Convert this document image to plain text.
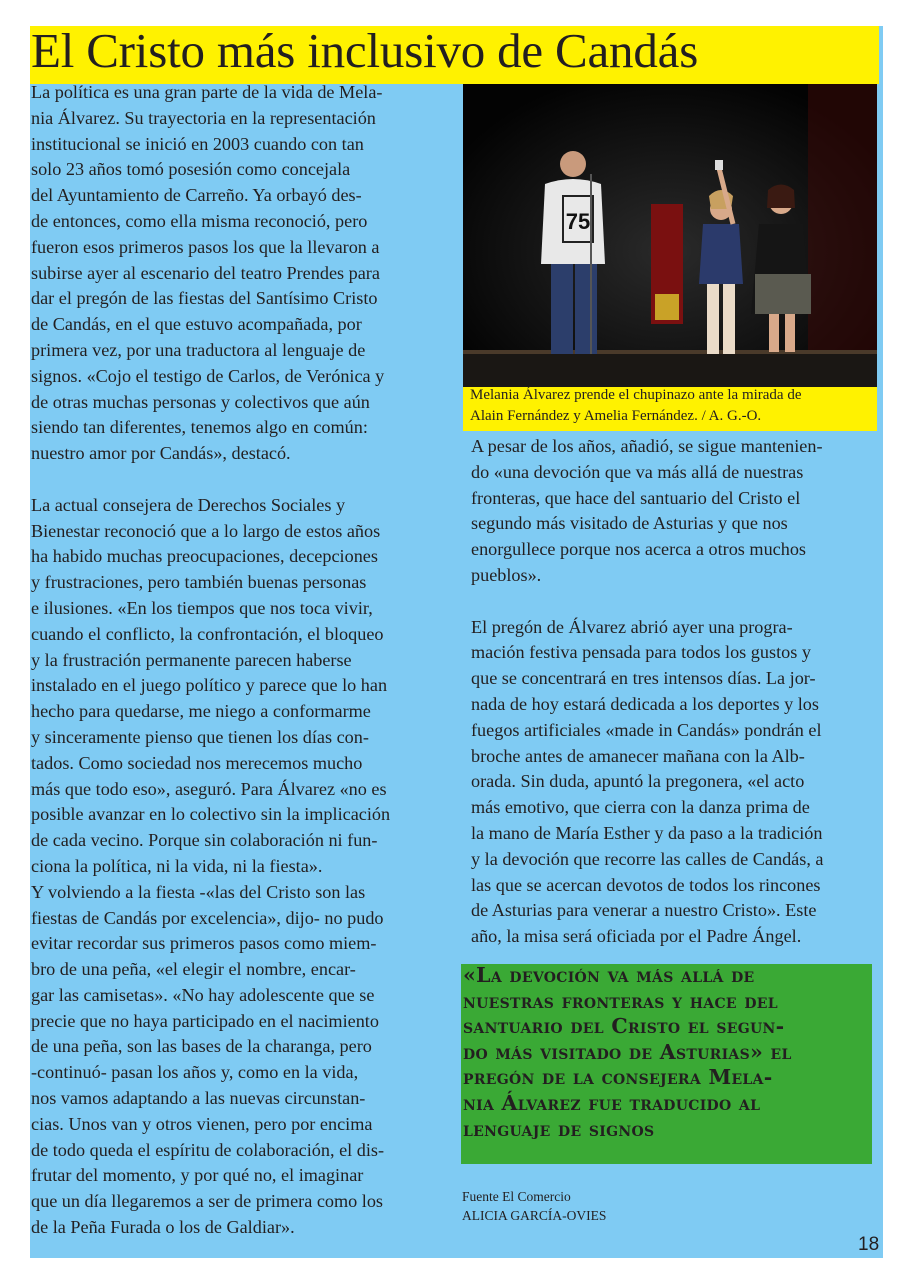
El Cristo más inclusivo de Candás
La política es una gran parte de la vida de Mela-
nia Álvarez. Su trayectoria en la representación
institucional se inició en 2003 cuando con tan
solo 23 años tomó posesión como concejala
del Ayuntamiento de Carreño. Ya orbayó des-
de entonces, como ella misma reconoció, pero
fueron esos primeros pasos los que la llevaron a
subirse ayer al escenario del teatro Prendes para
dar el pregón de las fiestas del Santísimo Cristo
de Candás, en el que estuvo acompañada, por
primera vez, por una traductora al lenguaje de
signos. «Cojo el testigo de Carlos, de Verónica y
de otras muchas personas y colectivos que aún
siendo tan diferentes, tenemos algo en común:
nuestro amor por Candás», destacó.
La actual consejera de Derechos Sociales y
Bienestar reconoció que a lo largo de estos años
ha habido muchas preocupaciones, decepciones
y frustraciones, pero también buenas personas
e ilusiones. «En los tiempos que nos toca vivir,
cuando el conflicto, la confrontación, el bloqueo
y la frustración permanente parecen haberse
instalado en el juego político y parece que lo han
hecho para quedarse, me niego a conformarme
y sinceramente pienso que tienen los días con-
tados. Como sociedad nos merecemos mucho
más que todo eso», aseguró. Para Álvarez «no es
posible avanzar en lo colectivo sin la implicación
de cada vecino. Porque sin colaboración ni fun-
ciona la política, ni la vida, ni la fiesta».
Y volviendo a la fiesta -«las del Cristo son las
fiestas de Candás por excelencia», dijo- no pudo
evitar recordar sus primeros pasos como miem-
bro de una peña, «el elegir el nombre, encar-
gar las camisetas». «No hay adolescente que se
precie que no haya participado en el nacimiento
de una peña, son las bases de la charanga, pero
-continuó- pasan los años y, como en la vida,
nos vamos adaptando a las nuevas circunstan-
cias. Unos van y otros vienen, pero por encima
de todo queda el espíritu de colaboración, el dis-
frutar del momento, y por qué no, el imaginar
que un día llegaremos a ser de primera como los
de la Peña Furada o los de Galdiar».
75
Melania Álvarez prende el chupinazo ante la mirada de
Alain Fernández y Amelia Fernández. / A. G.-O.
A pesar de los años, añadió, se sigue mantenien-
do «una devoción que va más allá de nuestras
fronteras, que hace del santuario del Cristo el
segundo más visitado de Asturias y que nos
enorgullece porque nos acerca a otros muchos
pueblos».
El pregón de Álvarez abrió ayer una progra-
mación festiva pensada para todos los gustos y
que se concentrará en tres intensos días. La jor-
nada de hoy estará dedicada a los deportes y los
fuegos artificiales «made in Candás» pondrán el
broche antes de amanecer mañana con la Alb-
orada. Sin duda, apuntó la pregonera, «el acto
más emotivo, que cierra con la danza prima de
la mano de María Esther y da paso a la tradición
y la devoción que recorre las calles de Candás, a
las que se acercan devotos de todos los rincones
de Asturias para venerar a nuestro Cristo». Este
año, la misa será oficiada por el Padre Ángel.
«La devoción va más allá de
nuestras fronteras y hace del
santuario del Cristo el segun-
do más visitado de Asturias» el
pregón de la consejera Mela-
nia Álvarez fue traducido al
lenguaje de signos
Fuente El Comercio
ALICIA GARCÍA-OVIES
18
